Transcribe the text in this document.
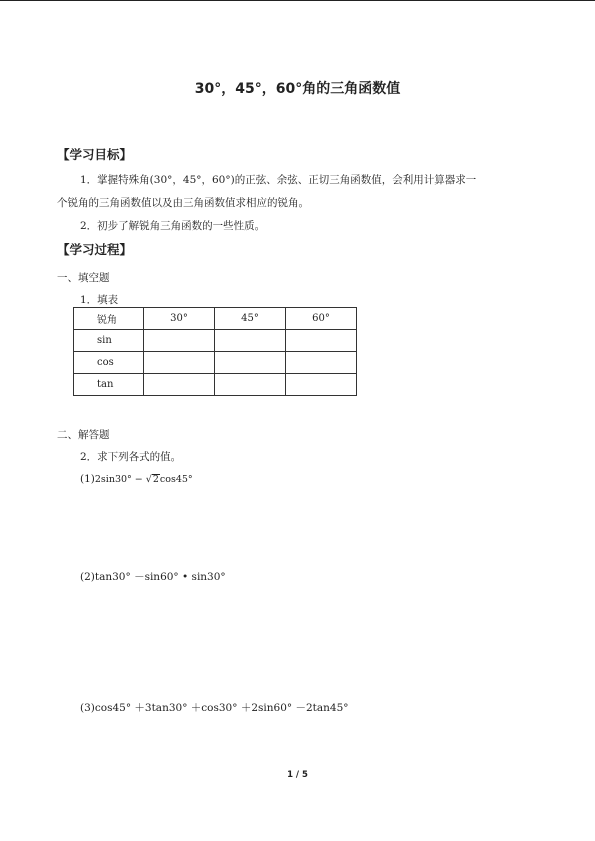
30°，45°，60°角的三角函数值
【学习目标】
1．掌握特殊角(30°，45°，60°)的正弦、余弦、正切三角函数值，会利用计算器求一
个锐角的三角函数值以及由三角函数值求相应的锐角。
2．初步了解锐角三角函数的一些性质。
【学习过程】
一、填空题
1．填表
锐角	30°	45°	60°
sin			
cos			
tan			
二、解答题
2．求下列各式的值。
(1)2sin30° − √2cos45°
(2)tan30° －sin60° • sin30°
(3)cos45° ＋3tan30° ＋cos30° ＋2sin60° －2tan45°
1 / 5
